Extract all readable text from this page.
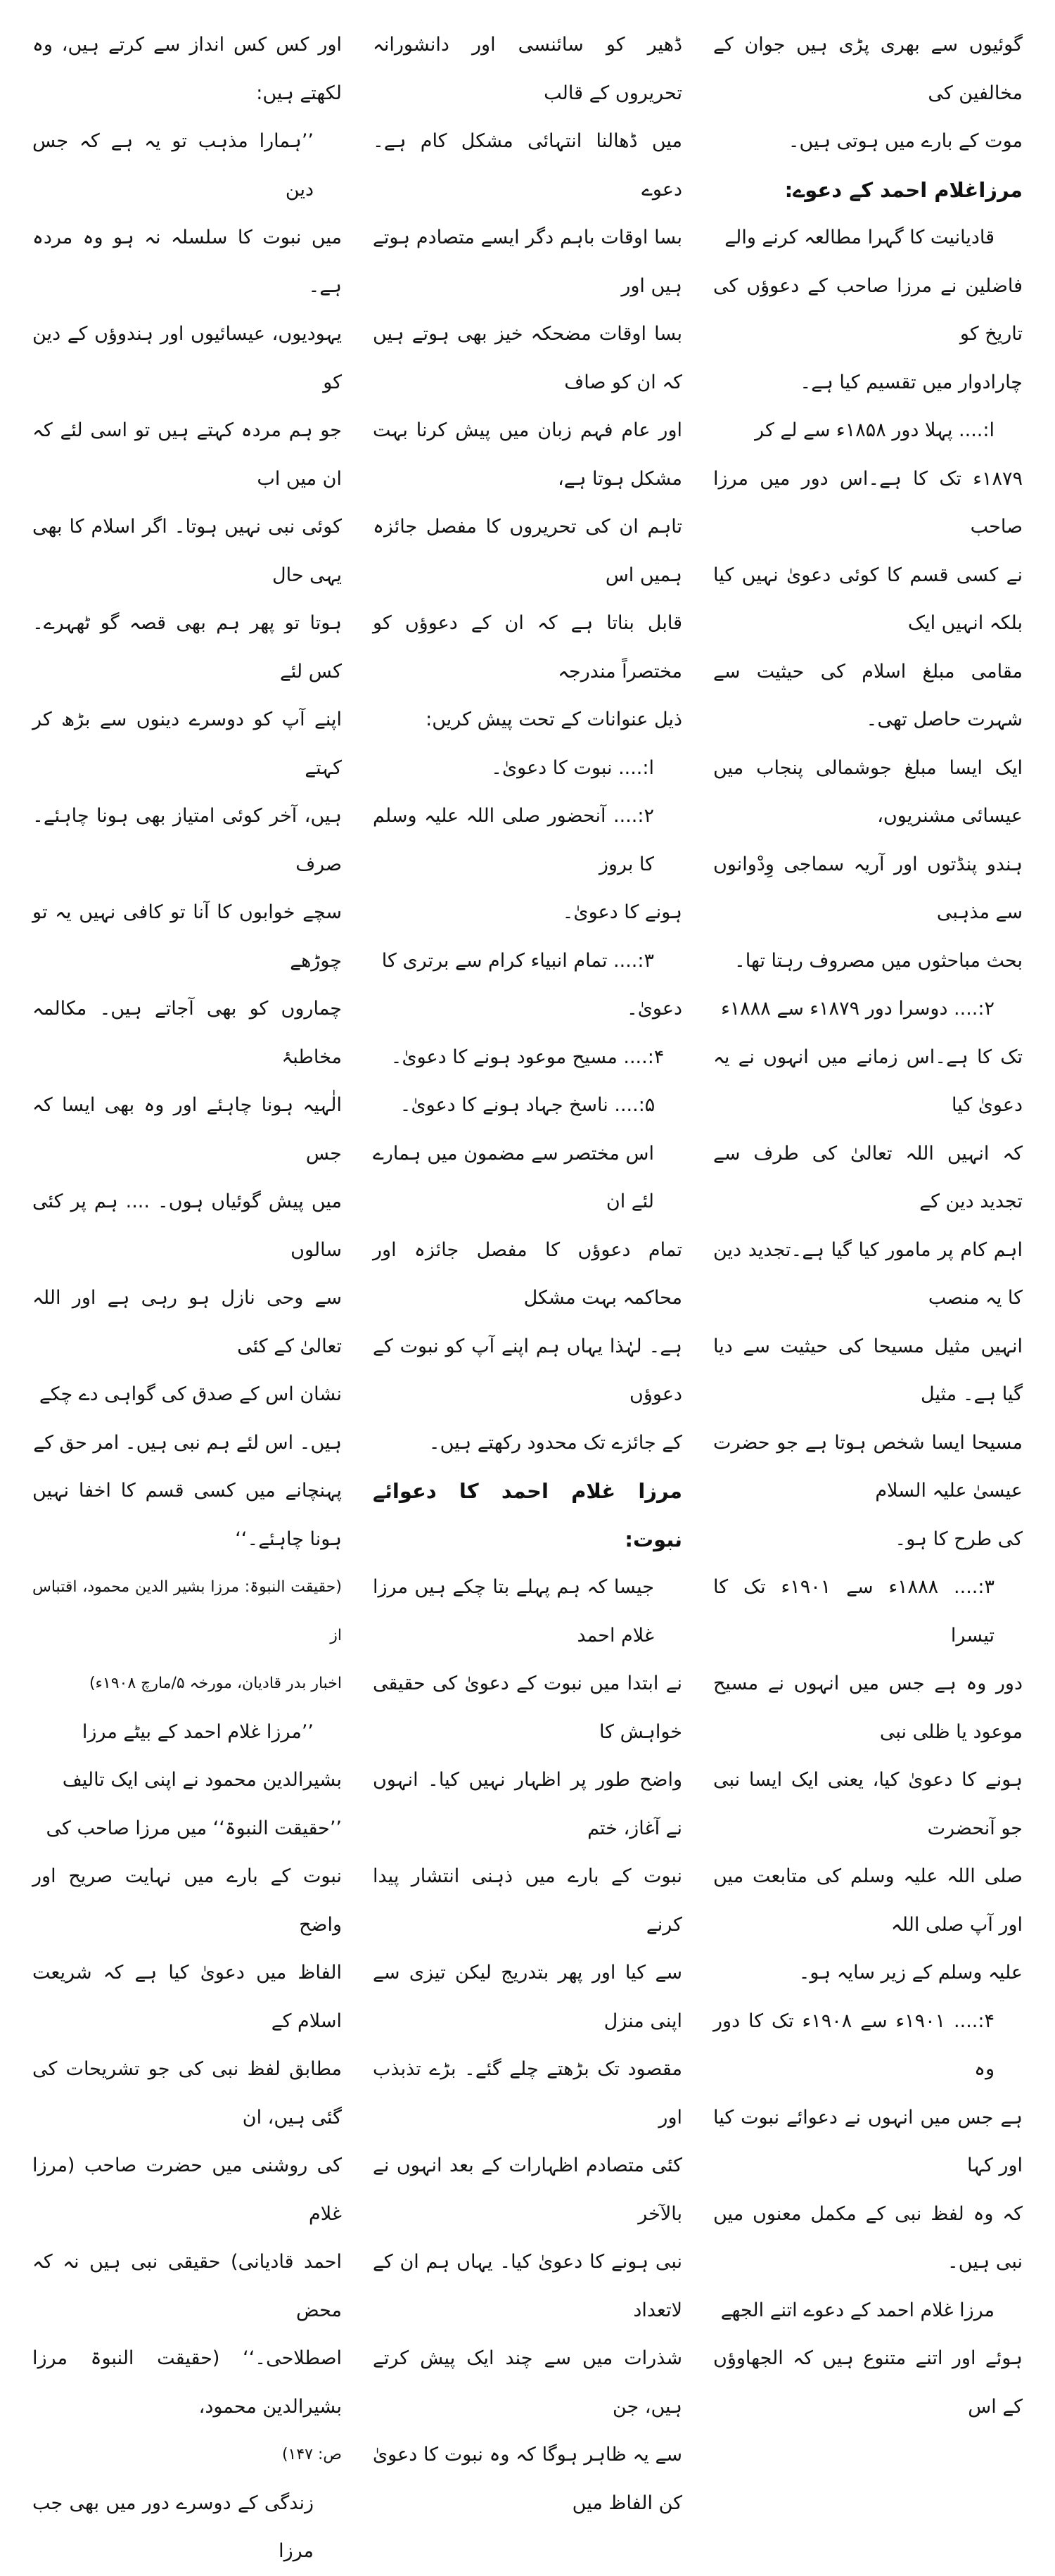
گوئیوں سے بھری پڑی ہیں جوان کے مخالفین کی

موت کے بارے میں ہوتی ہیں۔

مرزاغلام احمد کے دعوے:

قادیانیت کا گہرا مطالعہ کرنے والے

فاضلین نے مرزا صاحب کے دعوؤں کی تاریخ کو

چارادوار میں تقسیم کیا ہے۔

ا:.... پہلا دور ۱۸۵۸ء سے لے کر

۱۸۷۹ء تک کا ہے۔اس دور میں مرزا صاحب

نے کسی قسم کا کوئی دعویٰ نہیں کیا بلکہ انہیں ایک

مقامی مبلغ اسلام کی حیثیت سے شہرت حاصل تھی۔

ایک ایسا مبلغ جوشمالی پنجاب میں عیسائی مشنریوں،

ہندو پنڈتوں اور آریہ سماجی وِدْوانوں سے مذہبی

بحث مباحثوں میں مصروف رہتا تھا۔

۲:.... دوسرا دور ۱۸۷۹ء سے ۱۸۸۸ء

تک کا ہے۔اس زمانے میں انہوں نے یہ دعویٰ کیا

کہ انہیں اللہ تعالیٰ کی طرف سے تجدید دین کے

اہم کام پر مامور کیا گیا ہے۔تجدید دین کا یہ منصب

انہیں مثیل مسیحا کی حیثیت سے دیا گیا ہے۔ مثیل

مسیحا ایسا شخص ہوتا ہے جو حضرت عیسیٰ علیہ السلام

کی طرح کا ہو۔

۳:.... ۱۸۸۸ء سے ۱۹۰۱ء تک کا تیسرا

دور وہ ہے جس میں انہوں نے مسیح موعود یا ظلی نبی

ہونے کا دعویٰ کیا، یعنی ایک ایسا نبی جو آنحضرت

صلی اللہ علیہ وسلم کی متابعت میں اور آپ صلی اللہ

علیہ وسلم کے زیر سایہ ہو۔

۴:.... ۱۹۰۱ء سے ۱۹۰۸ء تک کا دور وہ

ہے جس میں انہوں نے دعوائے نبوت کیا اور کہا

کہ وہ لفظ نبی کے مکمل معنوں میں نبی ہیں۔

مرزا غلام احمد کے دعوے اتنے الجھے

ہوئے اور اتنے متنوع ہیں کہ الجھاوؤں کے اس

ڈھیر کو سائنسی اور دانشورانہ تحریروں کے قالب

میں ڈھالنا انتہائی مشکل کام ہے۔ دعوے

بسا اوقات باہم دگر ایسے متصادم ہوتے ہیں اور

بسا اوقات مضحکہ خیز بھی ہوتے ہیں کہ ان کو صاف

اور عام فہم زبان میں پیش کرنا بہت مشکل ہوتا ہے،

تاہم ان کی تحریروں کا مفصل جائزہ ہمیں اس

قابل بناتا ہے کہ ان کے دعوؤں کو مختصراً مندرجہ

ذیل عنوانات کے تحت پیش کریں:

ا:.... نبوت کا دعویٰ۔

۲:.... آنحضور صلی اللہ علیہ وسلم کا بروز

ہونے کا دعویٰ۔

۳:.... تمام انبیاء کرام سے برتری کا

دعویٰ۔

۴:.... مسیح موعود ہونے کا دعویٰ۔

۵:.... ناسخ جہاد ہونے کا دعویٰ۔

اس مختصر سے مضمون میں ہمارے لئے ان

تمام دعوؤں کا مفصل جائزہ اور محاکمہ بہت مشکل

ہے۔ لہٰذا یہاں ہم اپنے آپ کو نبوت کے دعوؤں

کے جائزے تک محدود رکھتے ہیں۔

مرزا غلام احمد کا دعوائے نبوت:

جیسا کہ ہم پہلے بتا چکے ہیں مرزا غلام احمد

نے ابتدا میں نبوت کے دعویٰ کی حقیقی خواہش کا

واضح طور پر اظہار نہیں کیا۔ انہوں نے آغاز، ختم

نبوت کے بارے میں ذہنی انتشار پیدا کرنے

سے کیا اور پھر بتدریج لیکن تیزی سے اپنی منزل

مقصود تک بڑھتے چلے گئے۔ بڑے تذبذب اور

کئی متصادم اظہارات کے بعد انہوں نے بالآخر

نبی ہونے کا دعویٰ کیا۔ یہاں ہم ان کے لاتعداد

شذرات میں سے چند ایک پیش کرتے ہیں، جن

سے یہ ظاہر ہوگا کہ وہ نبوت کا دعویٰ کن الفاظ میں

اور کس کس انداز سے کرتے ہیں، وہ لکھتے ہیں:

’’ہمارا مذہب تو یہ ہے کہ جس دین

میں نبوت کا سلسلہ نہ ہو وہ مردہ ہے۔

یہودیوں، عیسائیوں اور ہندوؤں کے دین کو

جو ہم مردہ کہتے ہیں تو اسی لئے کہ ان میں اب

کوئی نبی نہیں ہوتا۔ اگر اسلام کا بھی یہی حال

ہوتا تو پھر ہم بھی قصہ گو ٹھہرے۔ کس لئے

اپنے آپ کو دوسرے دینوں سے بڑھ کر کہتے

ہیں، آخر کوئی امتیاز بھی ہونا چاہئے۔ صرف

سچے خوابوں کا آنا تو کافی نہیں یہ تو چوڑھے

چماروں کو بھی آجاتے ہیں۔ مکالمہ مخاطبۂ

الٰہیہ ہونا چاہئے اور وہ بھی ایسا کہ جس

میں پیش گوئیاں ہوں۔ .... ہم پر کئی سالوں

سے وحی نازل ہو رہی ہے اور اللہ تعالیٰ کے کئی

نشان اس کے صدق کی گواہی دے چکے

ہیں۔ اس لئے ہم نبی ہیں۔ امر حق کے

پہنچانے میں کسی قسم کا اخفا نہیں ہونا چاہئے۔‘‘

(حقیقت النبوۃ: مرزا بشیر الدین محمود، اقتباس از

اخبار بدر قادیان، مورخہ ۵/مارچ ۱۹۰۸ء)

’’مرزا غلام احمد کے بیٹے مرزا

بشیرالدین محمود نے اپنی ایک تالیف

’’حقیقت النبوۃ‘‘ میں مرزا صاحب کی

نبوت کے بارے میں نہایت صریح اور واضح

الفاظ میں دعویٰ کیا ہے کہ شریعت اسلام کے

مطابق لفظ نبی کی جو تشریحات کی گئی ہیں، ان

کی روشنی میں حضرت صاحب (مرزا غلام

احمد قادیانی) حقیقی نبی ہیں نہ کہ محض

اصطلاحی۔‘‘ (حقیقت النبوۃ مرزا بشیرالدین محمود،

ص: ۱۴۷)

زندگی کے دوسرے دور میں بھی جب مرزا
